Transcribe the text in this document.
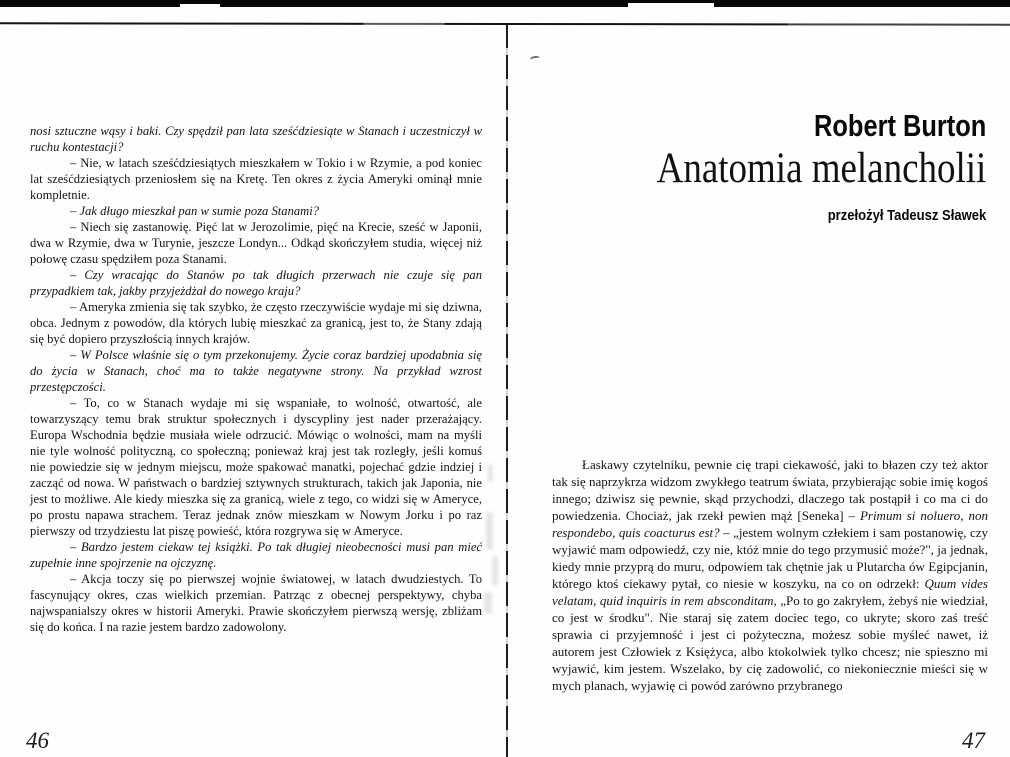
nosi sztuczne wąsy i baki. Czy spędził pan lata sześćdziesiąte w Stanach i uczestniczył w ruchu kontestacji?

– Nie, w latach sześćdziesiątych mieszkałem w Tokio i w Rzymie, a pod koniec lat sześćdziesiątych przeniosłem się na Kretę. Ten okres z życia Ameryki ominął mnie kompletnie.

– Jak długo mieszkał pan w sumie poza Stanami?

– Niech się zastanowię. Pięć lat w Jerozolimie, pięć na Krecie, sześć w Japonii, dwa w Rzymie, dwa w Turynie, jeszcze Londyn... Odkąd skończyłem studia, więcej niż połowę czasu spędziłem poza Stanami.

– Czy wracając do Stanów po tak długich przerwach nie czuje się pan przypadkiem tak, jakby przyjeżdżał do nowego kraju?

– Ameryka zmienia się tak szybko, że często rzeczywiście wydaje mi się dziwna, obca. Jednym z powodów, dla których lubię mieszkać za granicą, jest to, że Stany zdają się być dopiero przyszłością innych krajów.

– W Polsce właśnie się o tym przekonujemy. Życie coraz bardziej upodabnia się do życia w Stanach, choć ma to także negatywne strony. Na przykład wzrost przestępczości.

– To, co w Stanach wydaje mi się wspaniałe, to wolność, otwartość, ale towarzyszący temu brak struktur społecznych i dyscypliny jest nader przerażający. Europa Wschodnia będzie musiała wiele odrzucić. Mówiąc o wolności, mam na myśli nie tyle wolność polityczną, co społeczną; ponieważ kraj jest tak rozległy, jeśli komuś nie powiedzie się w jednym miejscu, może spakować manatki, pojechać gdzie indziej i zacząć od nowa. W państwach o bardziej sztywnych strukturach, takich jak Japonia, nie jest to możliwe. Ale kiedy mieszka się za granicą, wiele z tego, co widzi się w Ameryce, po prostu napawa strachem. Teraz jednak znów mieszkam w Nowym Jorku i po raz pierwszy od trzydziestu lat piszę powieść, która rozgrywa się w Ameryce.

– Bardzo jestem ciekaw tej książki. Po tak długiej nieobecności musi pan mieć zupełnie inne spojrzenie na ojczyznę.

– Akcja toczy się po pierwszej wojnie światowej, w latach dwudziestych. To fascynujący okres, czas wielkich przemian. Patrząc z obecnej perspektywy, chyba najwspanialszy okres w historii Ameryki. Prawie skończyłem pierwszą wersję, zbliżam się do końca. I na razie jestem bardzo zadowolony.

46

Robert Burton

Anatomia melancholii

przełożył Tadeusz Sławek

Łaskawy czytelniku, pewnie cię trapi ciekawość, jaki to błazen czy też aktor tak się naprzykrza widzom zwykłego teatrum świata, przybierając sobie imię kogoś innego; dziwisz się pewnie, skąd przychodzi, dlaczego tak postąpił i co ma ci do powiedzenia. Chociaż, jak rzekł pewien mąż [Seneka] – Primum si noluero, non respondebo, quis coacturus est? – „jestem wolnym człekiem i sam postanowię, czy wyjawić mam odpowiedź, czy nie, któż mnie do tego przymusić może?", ja jednak, kiedy mnie przyprą do muru, odpowiem tak chętnie jak u Plutarcha ów Egipcjanin, którego ktoś ciekawy pytał, co niesie w koszyku, na co on odrzekł: Quum vides velatam, quid inquiris in rem absconditam, „Po to go zakryłem, żebyś nie wiedział, co jest w środku". Nie staraj się zatem dociec tego, co ukryte; skoro zaś treść sprawia ci przyjemność i jest ci pożyteczna, możesz sobie myśleć nawet, iż autorem jest Człowiek z Księżyca, albo ktokolwiek tylko chcesz; nie spieszno mi wyjawić, kim jestem. Wszelako, by cię zadowolić, co niekoniecznie mieści się w mych planach, wyjawię ci powód zarówno przybranego

47
